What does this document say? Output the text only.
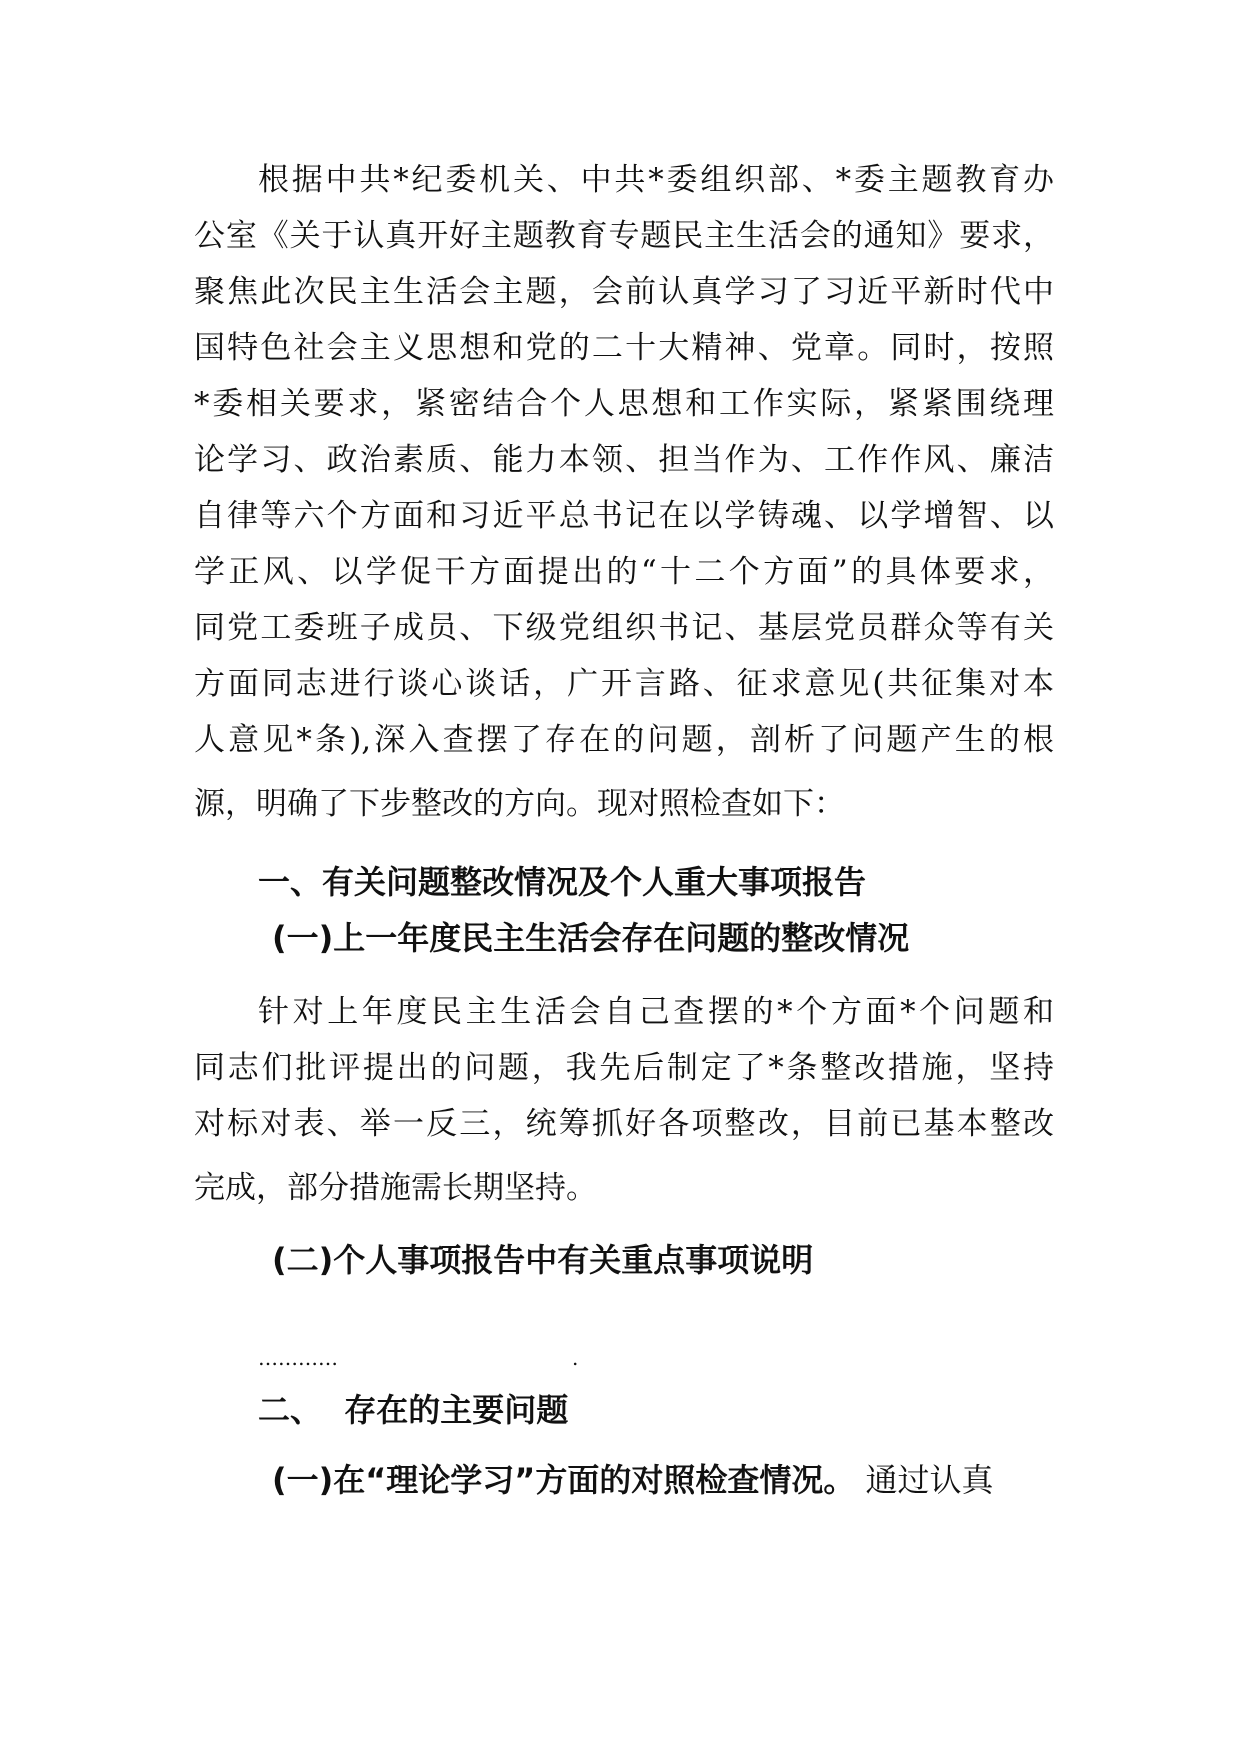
根据中共*纪委机关、中共*委组织部、*委主题教育办
公室《关于认真开好主题教育专题民主生活会的通知》要求，
聚焦此次民主生活会主题，会前认真学习了习近平新时代中
国特色社会主义思想和党的二十大精神、党章。同时，按照
*委相关要求，紧密结合个人思想和工作实际，紧紧围绕理
论学习、政治素质、能力本领、担当作为、工作作风、廉洁
自律等六个方面和习近平总书记在以学铸魂、以学增智、以
学正风、以学促干方面提出的“十二个方面”的具体要求，
同党工委班子成员、下级党组织书记、基层党员群众等有关
方面同志进行谈心谈话，广开言路、征求意见(共征集对本
人意见*条),深入查摆了存在的问题，剖析了问题产生的根
源，明确了下步整改的方向。现对照检查如下：
一、有关问题整改情况及个人重大事项报告
(一)上一年度民主生活会存在问题的整改情况
针对上年度民主生活会自己查摆的*个方面*个问题和
同志们批评提出的问题，我先后制定了*条整改措施，坚持
对标对表、举一反三，统筹抓好各项整改，目前已基本整改
完成，部分措施需长期坚持。
(二)个人事项报告中有关重点事项说明
…………	.
二、  存在的主要问题
(一)在“理论学习”方面的对照检查情况。 通过认真
